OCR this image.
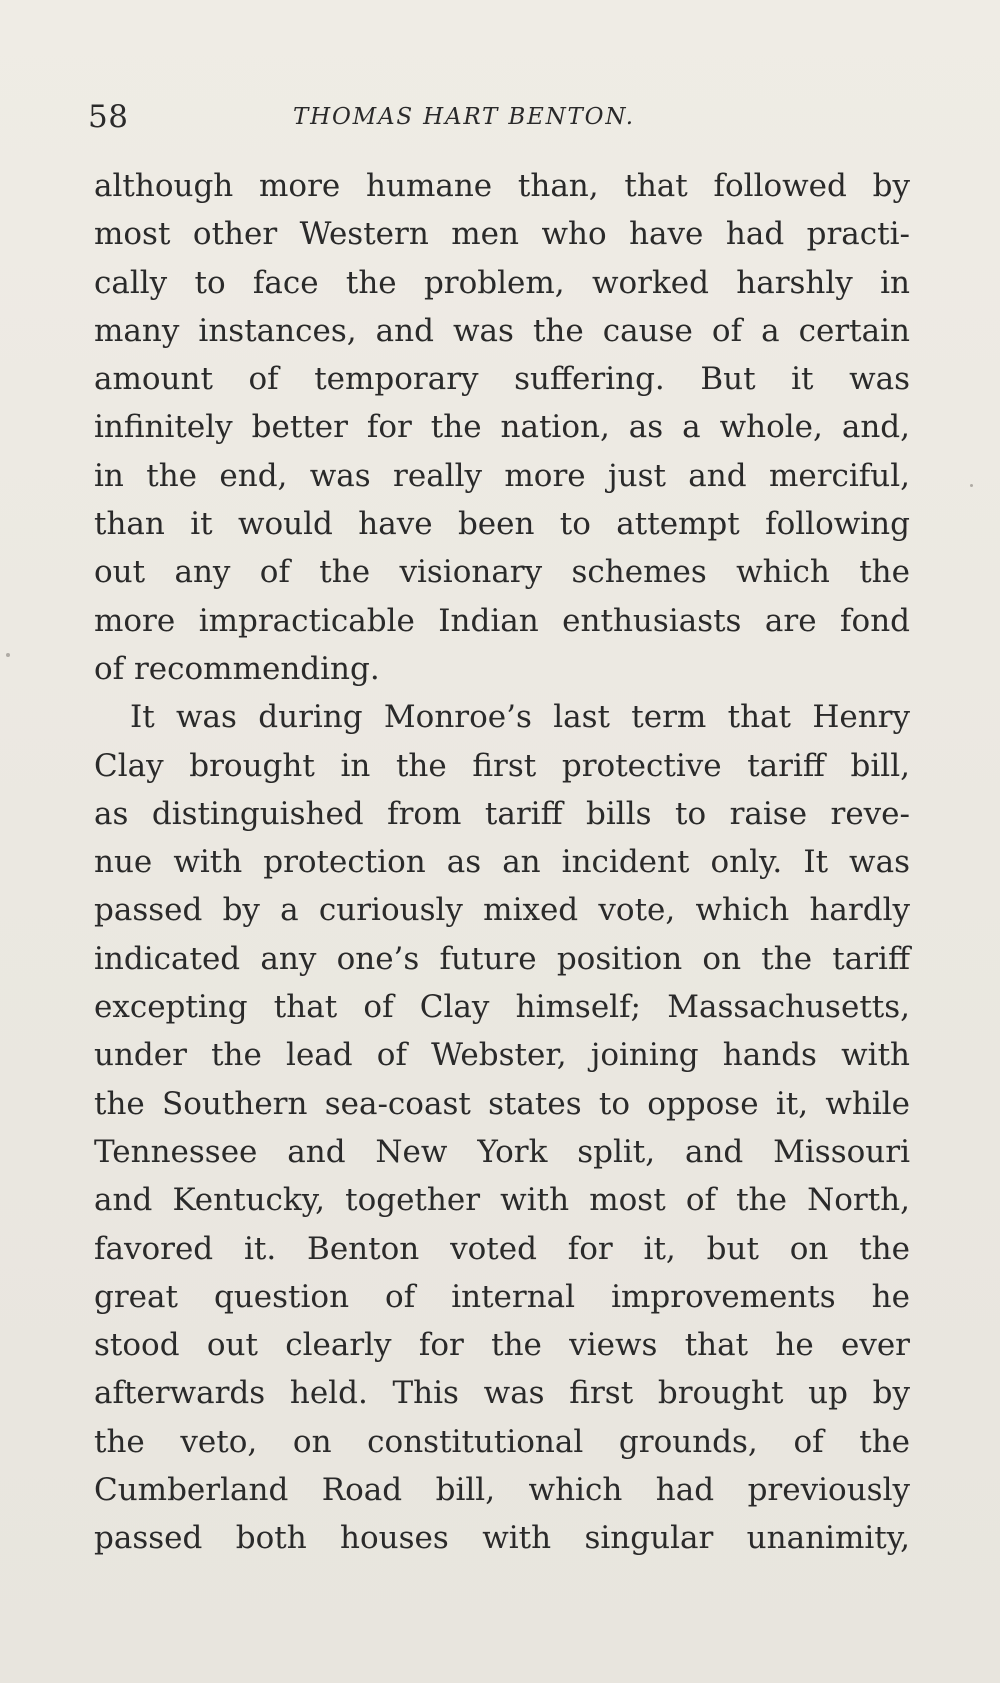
58	THOMAS HART BENTON.
although more humane than, that followed by
most other Western men who have had practi-
cally to face the problem, worked harshly in
many instances, and was the cause of a certain
amount of temporary suffering. But it was
infinitely better for the nation, as a whole, and,
in the end, was really more just and merciful,
than it would have been to attempt following
out any of the visionary schemes which the
more impracticable Indian enthusiasts are fond
of recommending.
It was during Monroe’s last term that Henry
Clay brought in the first protective tariff bill,
as distinguished from tariff bills to raise reve-
nue with protection as an incident only. It was
passed by a curiously mixed vote, which hardly
indicated any one’s future position on the tariff
excepting that of Clay himself; Massachusetts,
under the lead of Webster, joining hands with
the Southern sea-coast states to oppose it, while
Tennessee and New York split, and Missouri
and Kentucky, together with most of the North,
favored it. Benton voted for it, but on the
great question of internal improvements he
stood out clearly for the views that he ever
afterwards held. This was first brought up by
the veto, on constitutional grounds, of the
Cumberland Road bill, which had previously
passed both houses with singular unanimity,
